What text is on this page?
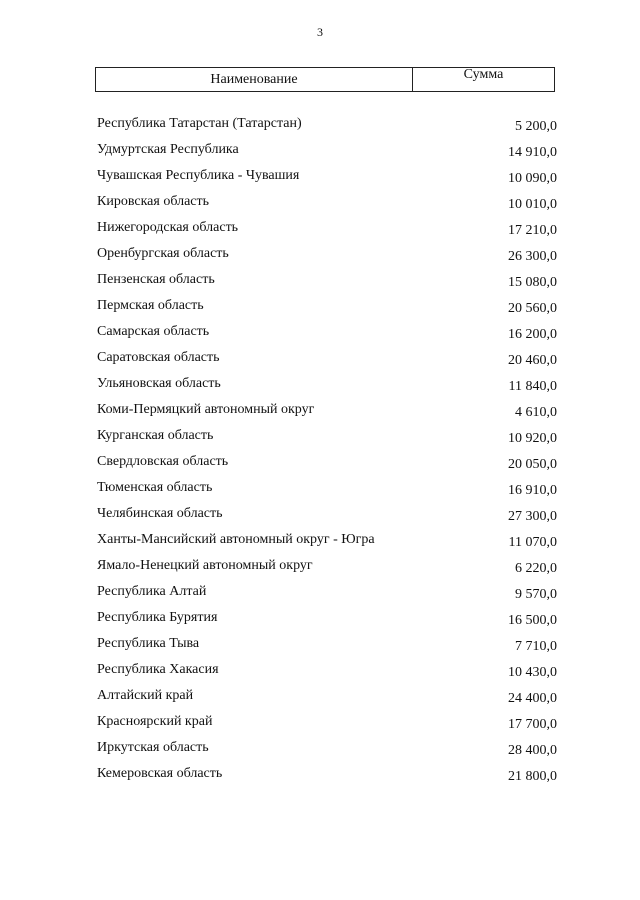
3
Наименование	Сумма
Республика Татарстан (Татарстан)	5 200,0
Удмуртская Республика	14 910,0
Чувашская Республика - Чувашия	10 090,0
Кировская область	10 010,0
Нижегородская область	17 210,0
Оренбургская область	26 300,0
Пензенская область	15 080,0
Пермская область	20 560,0
Самарская область	16 200,0
Саратовская область	20 460,0
Ульяновская область	11 840,0
Коми-Пермяцкий автономный округ	4 610,0
Курганская область	10 920,0
Свердловская область	20 050,0
Тюменская область	16 910,0
Челябинская область	27 300,0
Ханты-Мансийский автономный округ - Югра	11 070,0
Ямало-Ненецкий автономный округ	6 220,0
Республика Алтай	9 570,0
Республика Бурятия	16 500,0
Республика Тыва	7 710,0
Республика Хакасия	10 430,0
Алтайский край	24 400,0
Красноярский край	17 700,0
Иркутская область	28 400,0
Кемеровская область	21 800,0
